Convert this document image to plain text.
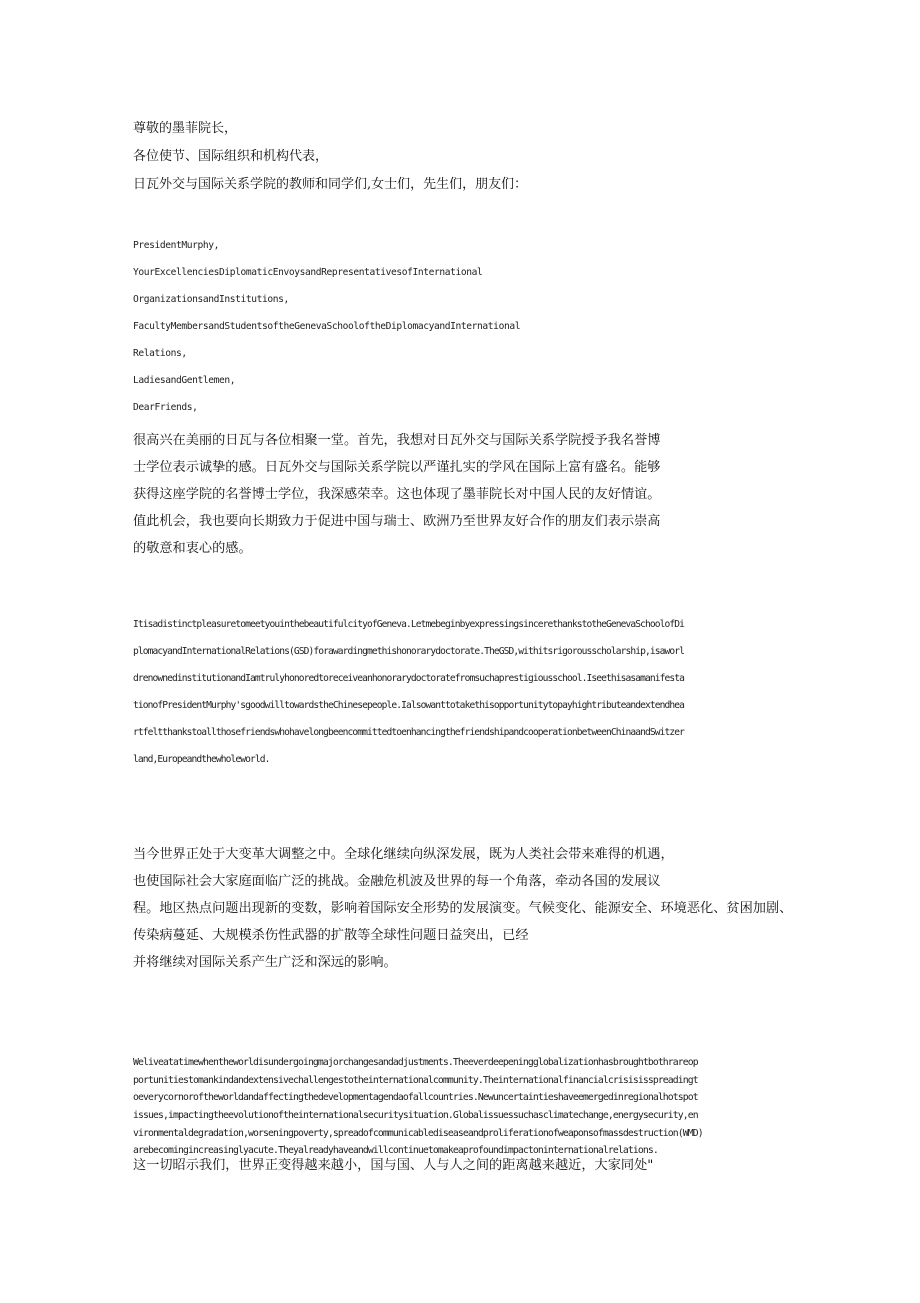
尊敬的墨菲院长，

各位使节、国际组织和机构代表，

日瓦外交与国际关系学院的教师和同学们,女士们，先生们，朋友们：

PresidentMurphy,

YourExcellenciesDiplomaticEnvoysandRepresentativesofInternational

OrganizationsandInstitutions,

FacultyMembersandStudentsoftheGenevaSchooloftheDiplomacyandInternational

Relations,

LadiesandGentlemen,

DearFriends,

很高兴在美丽的日瓦与各位相聚一堂。首先，我想对日瓦外交与国际关系学院授予我名誉博

士学位表示诚挚的感。日瓦外交与国际关系学院以严谨扎实的学风在国际上富有盛名。能够

获得这座学院的名誉博士学位，我深感荣幸。这也体现了墨菲院长对中国人民的友好情谊。

值此机会，我也要向长期致力于促进中国与瑞士、欧洲乃至世界友好合作的朋友们表示崇高

的敬意和衷心的感。

ItisadistinctpleasuretomeetyouinthebeautifulcityofGeneva.LetmebeginbyexpressingsincerethankstotheGenevaSchoolofDi

plomacyandInternationalRelations(GSD)forawardingmethishonorarydoctorate.TheGSD,withitsrigorousscholarship,isaworl

drenownedinstitutionandIamtrulyhonoredtoreceiveanhonorarydoctoratefromsuchaprestigiousschool.Iseethisasamanifesta

tionofPresidentMurphy'sgoodwilltowardstheChinesepeople.Ialsowanttotakethisopportunitytopayhightributeandextendhea

rtfeltthankstoallthosefriendswhohavelongbeencommittedtoenhancingthefriendshipandcooperationbetweenChinaandSwitzer

land,Europeandthewholeworld.

当今世界正处于大变革大调整之中。全球化继续向纵深发展，既为人类社会带来难得的机遇，

也使国际社会大家庭面临广泛的挑战。金融危机波及世界的每一个角落，牵动各国的发展议

程。地区热点问题出现新的变数，影响着国际安全形势的发展演变。气候变化、能源安全、环境恶化、贫困加剧、

传染病蔓延、大规模杀伤性武器的扩散等全球性问题日益突出，已经

并将继续对国际关系产生广泛和深远的影响。

Weliveatatimewhentheworldisundergoingmajorchangesandadjustments.Theeverdeepeningglobalizationhasbroughtbothrareop

portunitiestomankindandextensivechallengestotheinternationalcommunity.Theinternationalfinancialcrisisisspreadingt

oeverycornoroftheworldandaffectingthedevelopmentagendaofallcountries.Newuncertaintieshaveemergedinregionalhotspot

issues,impactingtheevolutionoftheinternationalsecuritysituation.Globalissuessuchasclimatechange,energysecurity,en

vironmentaldegradation,worseningpoverty,spreadofcommunicablediseaseandproliferationofweaponsofmassdestruction(WMD)

arebecomingincreasinglyacute.Theyalreadyhaveandwillcontinuetomakeaprofoundimpactoninternationalrelations.

这一切昭示我们，世界正变得越来越小，国与国、人与人之间的距离越来越近，大家同处"
